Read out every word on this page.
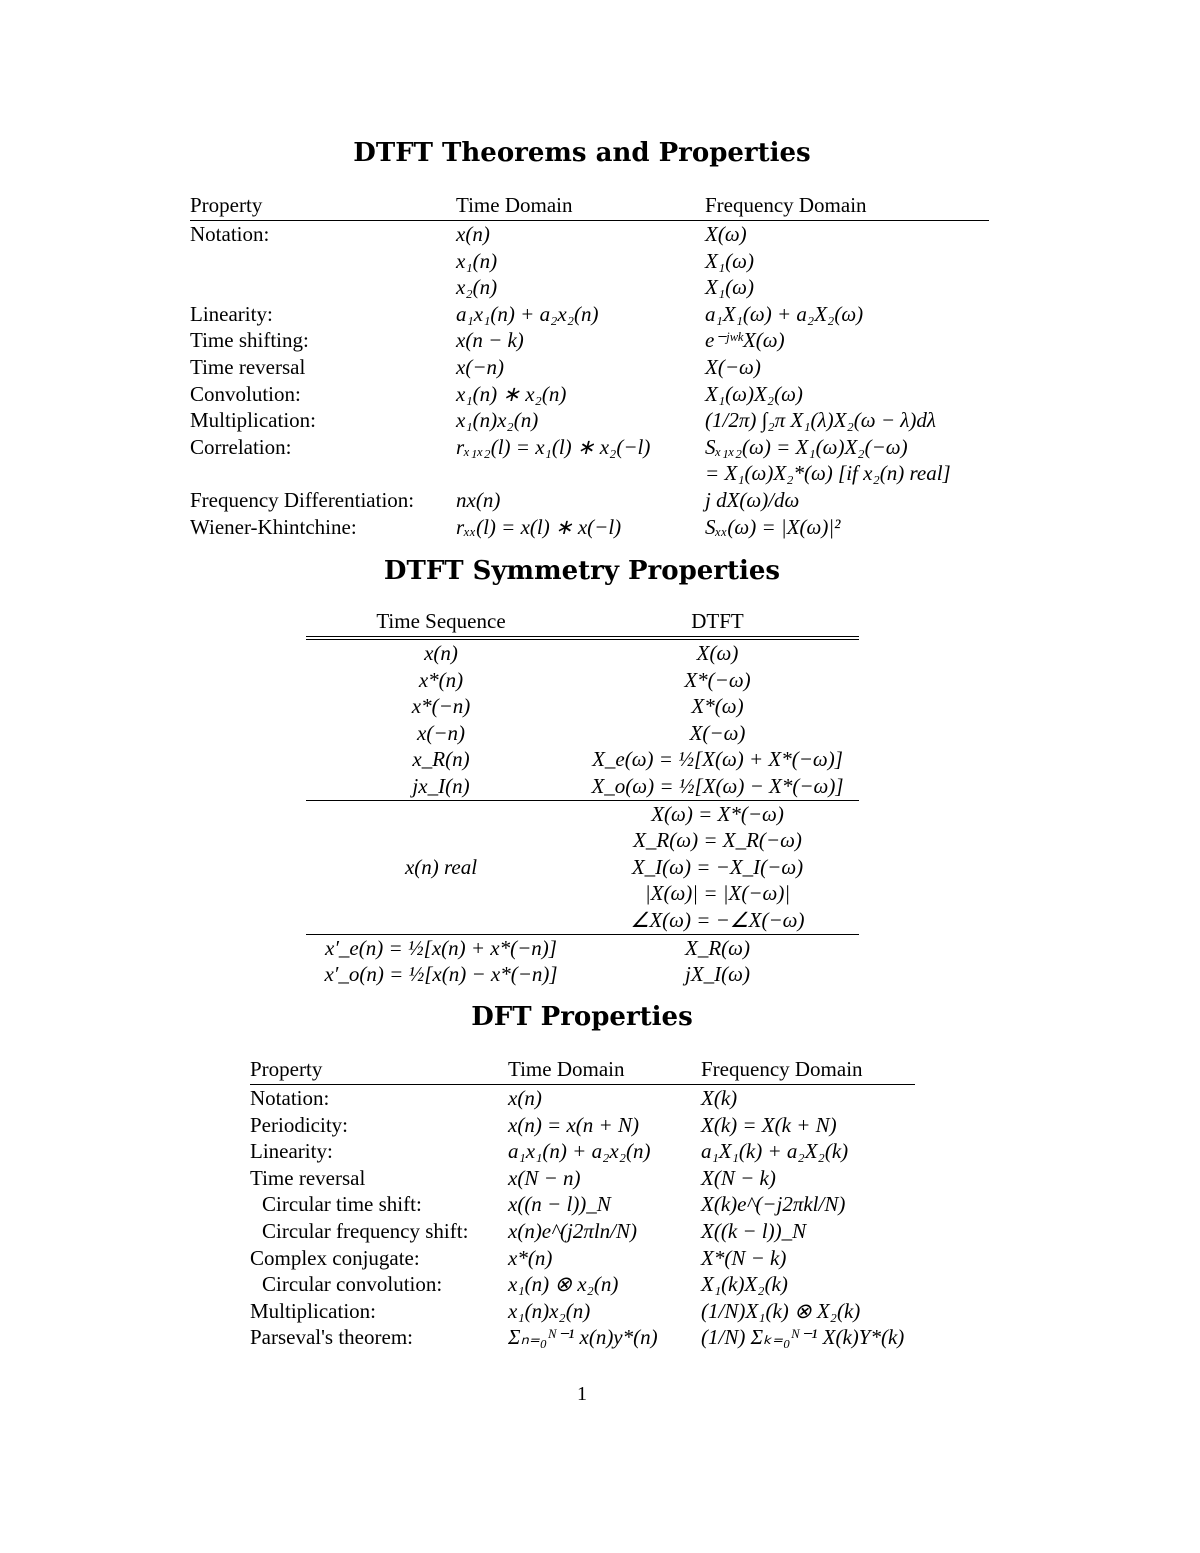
DTFT Theorems and Properties
Property	Time Domain	Frequency Domain
Notation:	x(n)	X(ω)
	x₁(n)	X₁(ω)
	x₂(n)	X₁(ω)
Linearity:	a₁x₁(n) + a₂x₂(n)	a₁X₁(ω) + a₂X₂(ω)
Time shifting:	x(n − k)	e⁻ʲʷᵏX(ω)
Time reversal	x(−n)	X(−ω)
Convolution:	x₁(n) ∗ x₂(n)	X₁(ω)X₂(ω)
Multiplication:	x₁(n)x₂(n)	(1/2π) ∫₂π X₁(λ)X₂(ω − λ)dλ
Correlation:	rₓ₁ₓ₂(l) = x₁(l) ∗ x₂(−l)	Sₓ₁ₓ₂(ω) = X₁(ω)X₂(−ω)
		= X₁(ω)X₂*(ω) [if x₂(n) real]
Frequency Differentiation:	nx(n)	j dX(ω)/dω
Wiener-Khintchine:	rₓₓ(l) = x(l) ∗ x(−l)	Sₓₓ(ω) = |X(ω)|²
DTFT Symmetry Properties
Time Sequence	DTFT
x(n)	X(ω)
x*(n)	X*(−ω)
x*(−n)	X*(ω)
x(−n)	X(−ω)
x_R(n)	X_e(ω) = ½[X(ω) + X*(−ω)]
jx_I(n)	X_o(ω) = ½[X(ω) − X*(−ω)]
x(n) real	X(ω) = X*(−ω)
	X_R(ω) = X_R(−ω)
	X_I(ω) = −X_I(−ω)
	|X(ω)| = |X(−ω)|
	∠X(ω) = −∠X(−ω)
x′_e(n) = ½[x(n) + x*(−n)]	X_R(ω)
x′_o(n) = ½[x(n) − x*(−n)]	jX_I(ω)
DFT Properties
Property	Time Domain	Frequency Domain
Notation:	x(n)	X(k)
Periodicity:	x(n) = x(n + N)	X(k) = X(k + N)
Linearity:	a₁x₁(n) + a₂x₂(n)	a₁X₁(k) + a₂X₂(k)
Time reversal	x(N − n)	X(N − k)
Circular time shift:	x((n − l))_N	X(k)e^(−j2πkl/N)
Circular frequency shift:	x(n)e^(j2πln/N)	X((k − l))_N
Complex conjugate:	x*(n)	X*(N − k)
Circular convolution:	x₁(n) ⊗ x₂(n)	X₁(k)X₂(k)
Multiplication:	x₁(n)x₂(n)	(1/N)X₁(k) ⊗ X₂(k)
Parseval's theorem:	Σₙ₌₀ᴺ⁻¹ x(n)y*(n)	(1/N) Σₖ₌₀ᴺ⁻¹ X(k)Y*(k)
1
